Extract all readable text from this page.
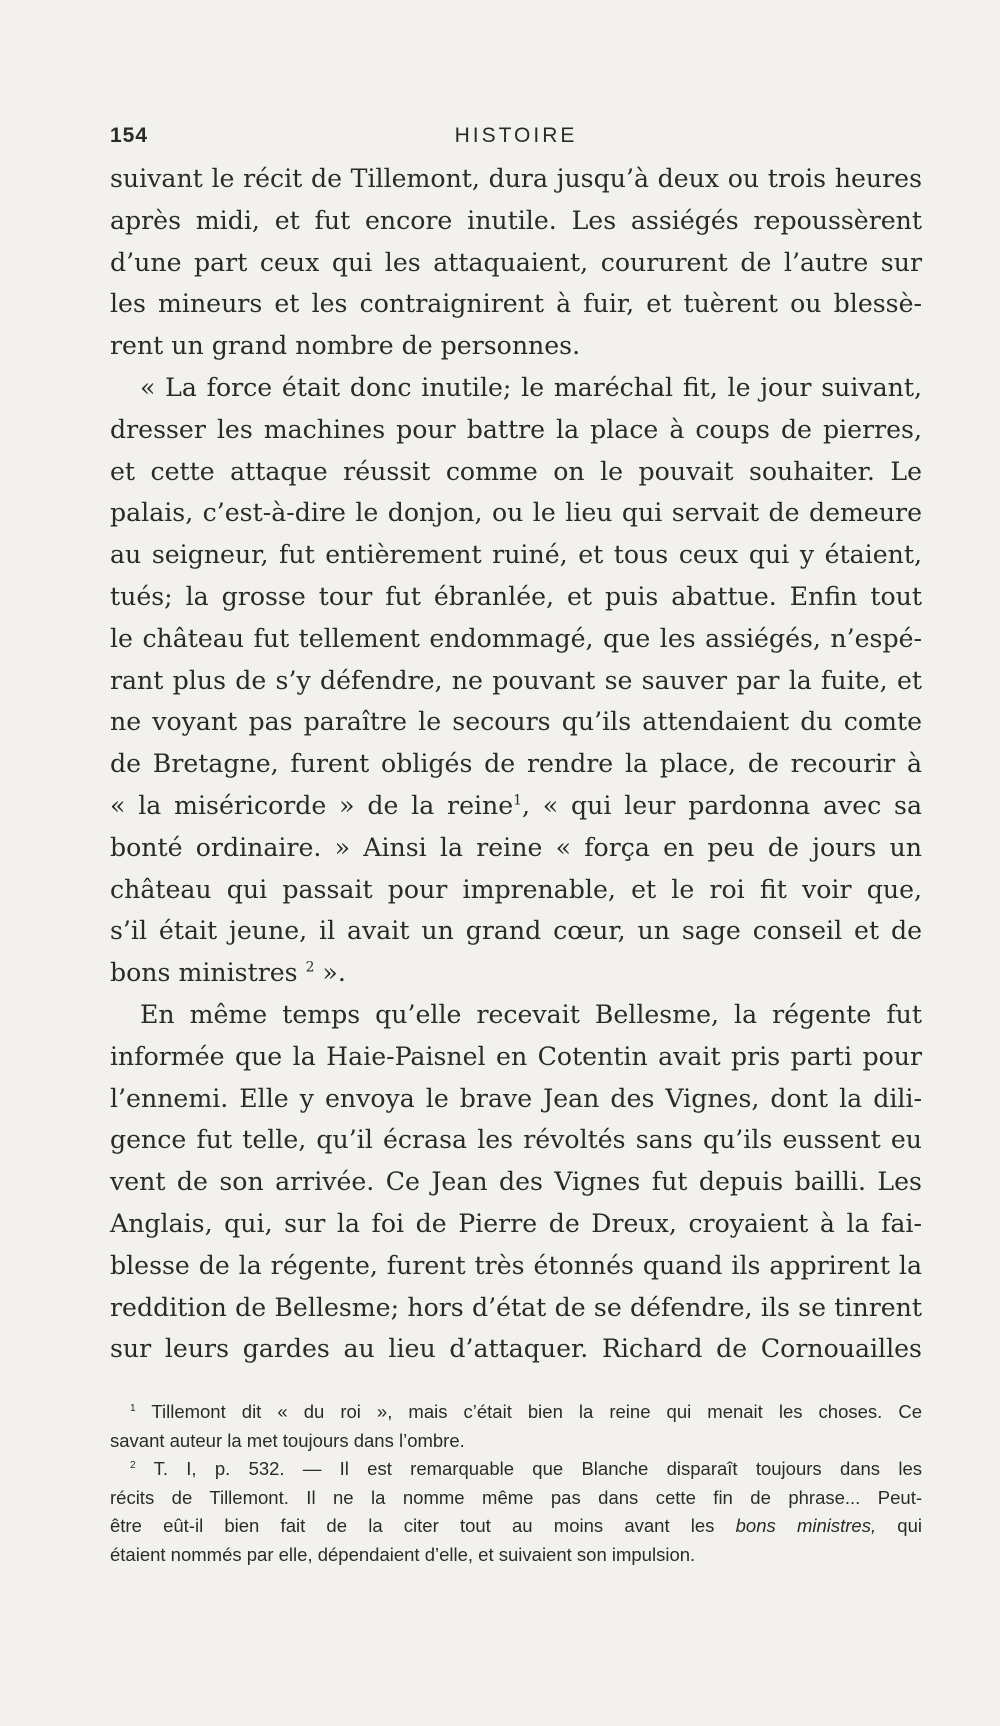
154	HISTOIRE

suivant le récit de Tillemont, dura jusqu’à deux ou trois heures
après midi, et fut encore inutile. Les assiégés repoussèrent
d’une part ceux qui les attaquaient, coururent de l’autre sur
les mineurs et les contraignirent à fuir, et tuèrent ou blessè-
rent un grand nombre de personnes.

« La force était donc inutile; le maréchal fit, le jour suivant,
dresser les machines pour battre la place à coups de pierres,
et cette attaque réussit comme on le pouvait souhaiter. Le
palais, c’est-à-dire le donjon, ou le lieu qui servait de demeure
au seigneur, fut entièrement ruiné, et tous ceux qui y étaient,
tués; la grosse tour fut ébranlée, et puis abattue. Enfin tout
le château fut tellement endommagé, que les assiégés, n’espé-
rant plus de s’y défendre, ne pouvant se sauver par la fuite, et
ne voyant pas paraître le secours qu’ils attendaient du comte
de Bretagne, furent obligés de rendre la place, de recourir à
« la miséricorde » de la reine$^1$, « qui leur pardonna avec sa
bonté ordinaire. » Ainsi la reine « força en peu de jours un
château qui passait pour imprenable, et le roi fit voir que,
s’il était jeune, il avait un grand cœur, un sage conseil et de
bons ministres $^2$ ».

En même temps qu’elle recevait Bellesme, la régente fut
informée que la Haie-Paisnel en Cotentin avait pris parti pour
l’ennemi. Elle y envoya le brave Jean des Vignes, dont la dili-
gence fut telle, qu’il écrasa les révoltés sans qu’ils eussent eu
vent de son arrivée. Ce Jean des Vignes fut depuis bailli. Les
Anglais, qui, sur la foi de Pierre de Dreux, croyaient à la fai-
blesse de la régente, furent très étonnés quand ils apprirent la
reddition de Bellesme; hors d’état de se défendre, ils se tinrent
sur leurs gardes au lieu d’attaquer. Richard de Cornouailles

$^1$ Tillemont dit « du roi », mais c’était bien la reine qui menait les choses. Ce
savant auteur la met toujours dans l’ombre.
$^2$ T. I, p. 532. — Il est remarquable que Blanche disparaît toujours dans les
récits de Tillemont. Il ne la nomme même pas dans cette fin de phrase... Peut-
être eût-il bien fait de la citer tout au moins avant les bons ministres, qui
étaient nommés par elle, dépendaient d’elle, et suivaient son impulsion.
